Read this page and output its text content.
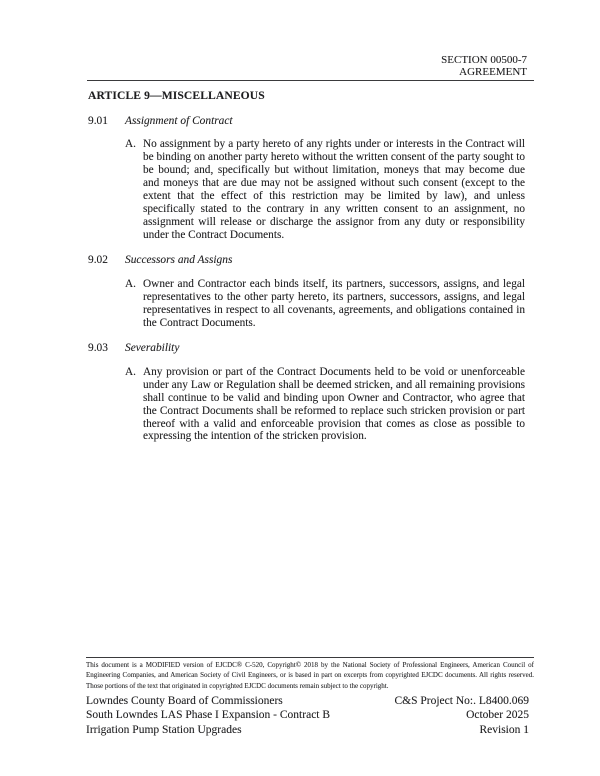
SECTION 00500-7
AGREEMENT
ARTICLE 9—MISCELLANEOUS
9.01	Assignment of Contract
A. No assignment by a party hereto of any rights under or interests in the Contract will be binding on another party hereto without the written consent of the party sought to be bound; and, specifically but without limitation, moneys that may become due and moneys that are due may not be assigned without such consent (except to the extent that the effect of this restriction may be limited by law), and unless specifically stated to the contrary in any written consent to an assignment, no assignment will release or discharge the assignor from any duty or responsibility under the Contract Documents.
9.02	Successors and Assigns
A. Owner and Contractor each binds itself, its partners, successors, assigns, and legal representatives to the other party hereto, its partners, successors, assigns, and legal representatives in respect to all covenants, agreements, and obligations contained in the Contract Documents.
9.03	Severability
A. Any provision or part of the Contract Documents held to be void or unenforceable under any Law or Regulation shall be deemed stricken, and all remaining provisions shall continue to be valid and binding upon Owner and Contractor, who agree that the Contract Documents shall be reformed to replace such stricken provision or part thereof with a valid and enforceable provision that comes as close as possible to expressing the intention of the stricken provision.

This document is a MODIFIED version of EJCDC® C-520, Copyright© 2018 by the National Society of Professional Engineers, American Council of Engineering Companies, and American Society of Civil Engineers, or is based in part on excerpts from copyrighted EJCDC documents. All rights reserved. Those portions of the text that originated in copyrighted EJCDC documents remain subject to the copyright.

Lowndes County Board of Commissioners
South Lowndes LAS Phase I Expansion - Contract B
Irrigation Pump Station Upgrades
C&S Project No:. L8400.069
October 2025
Revision 1
